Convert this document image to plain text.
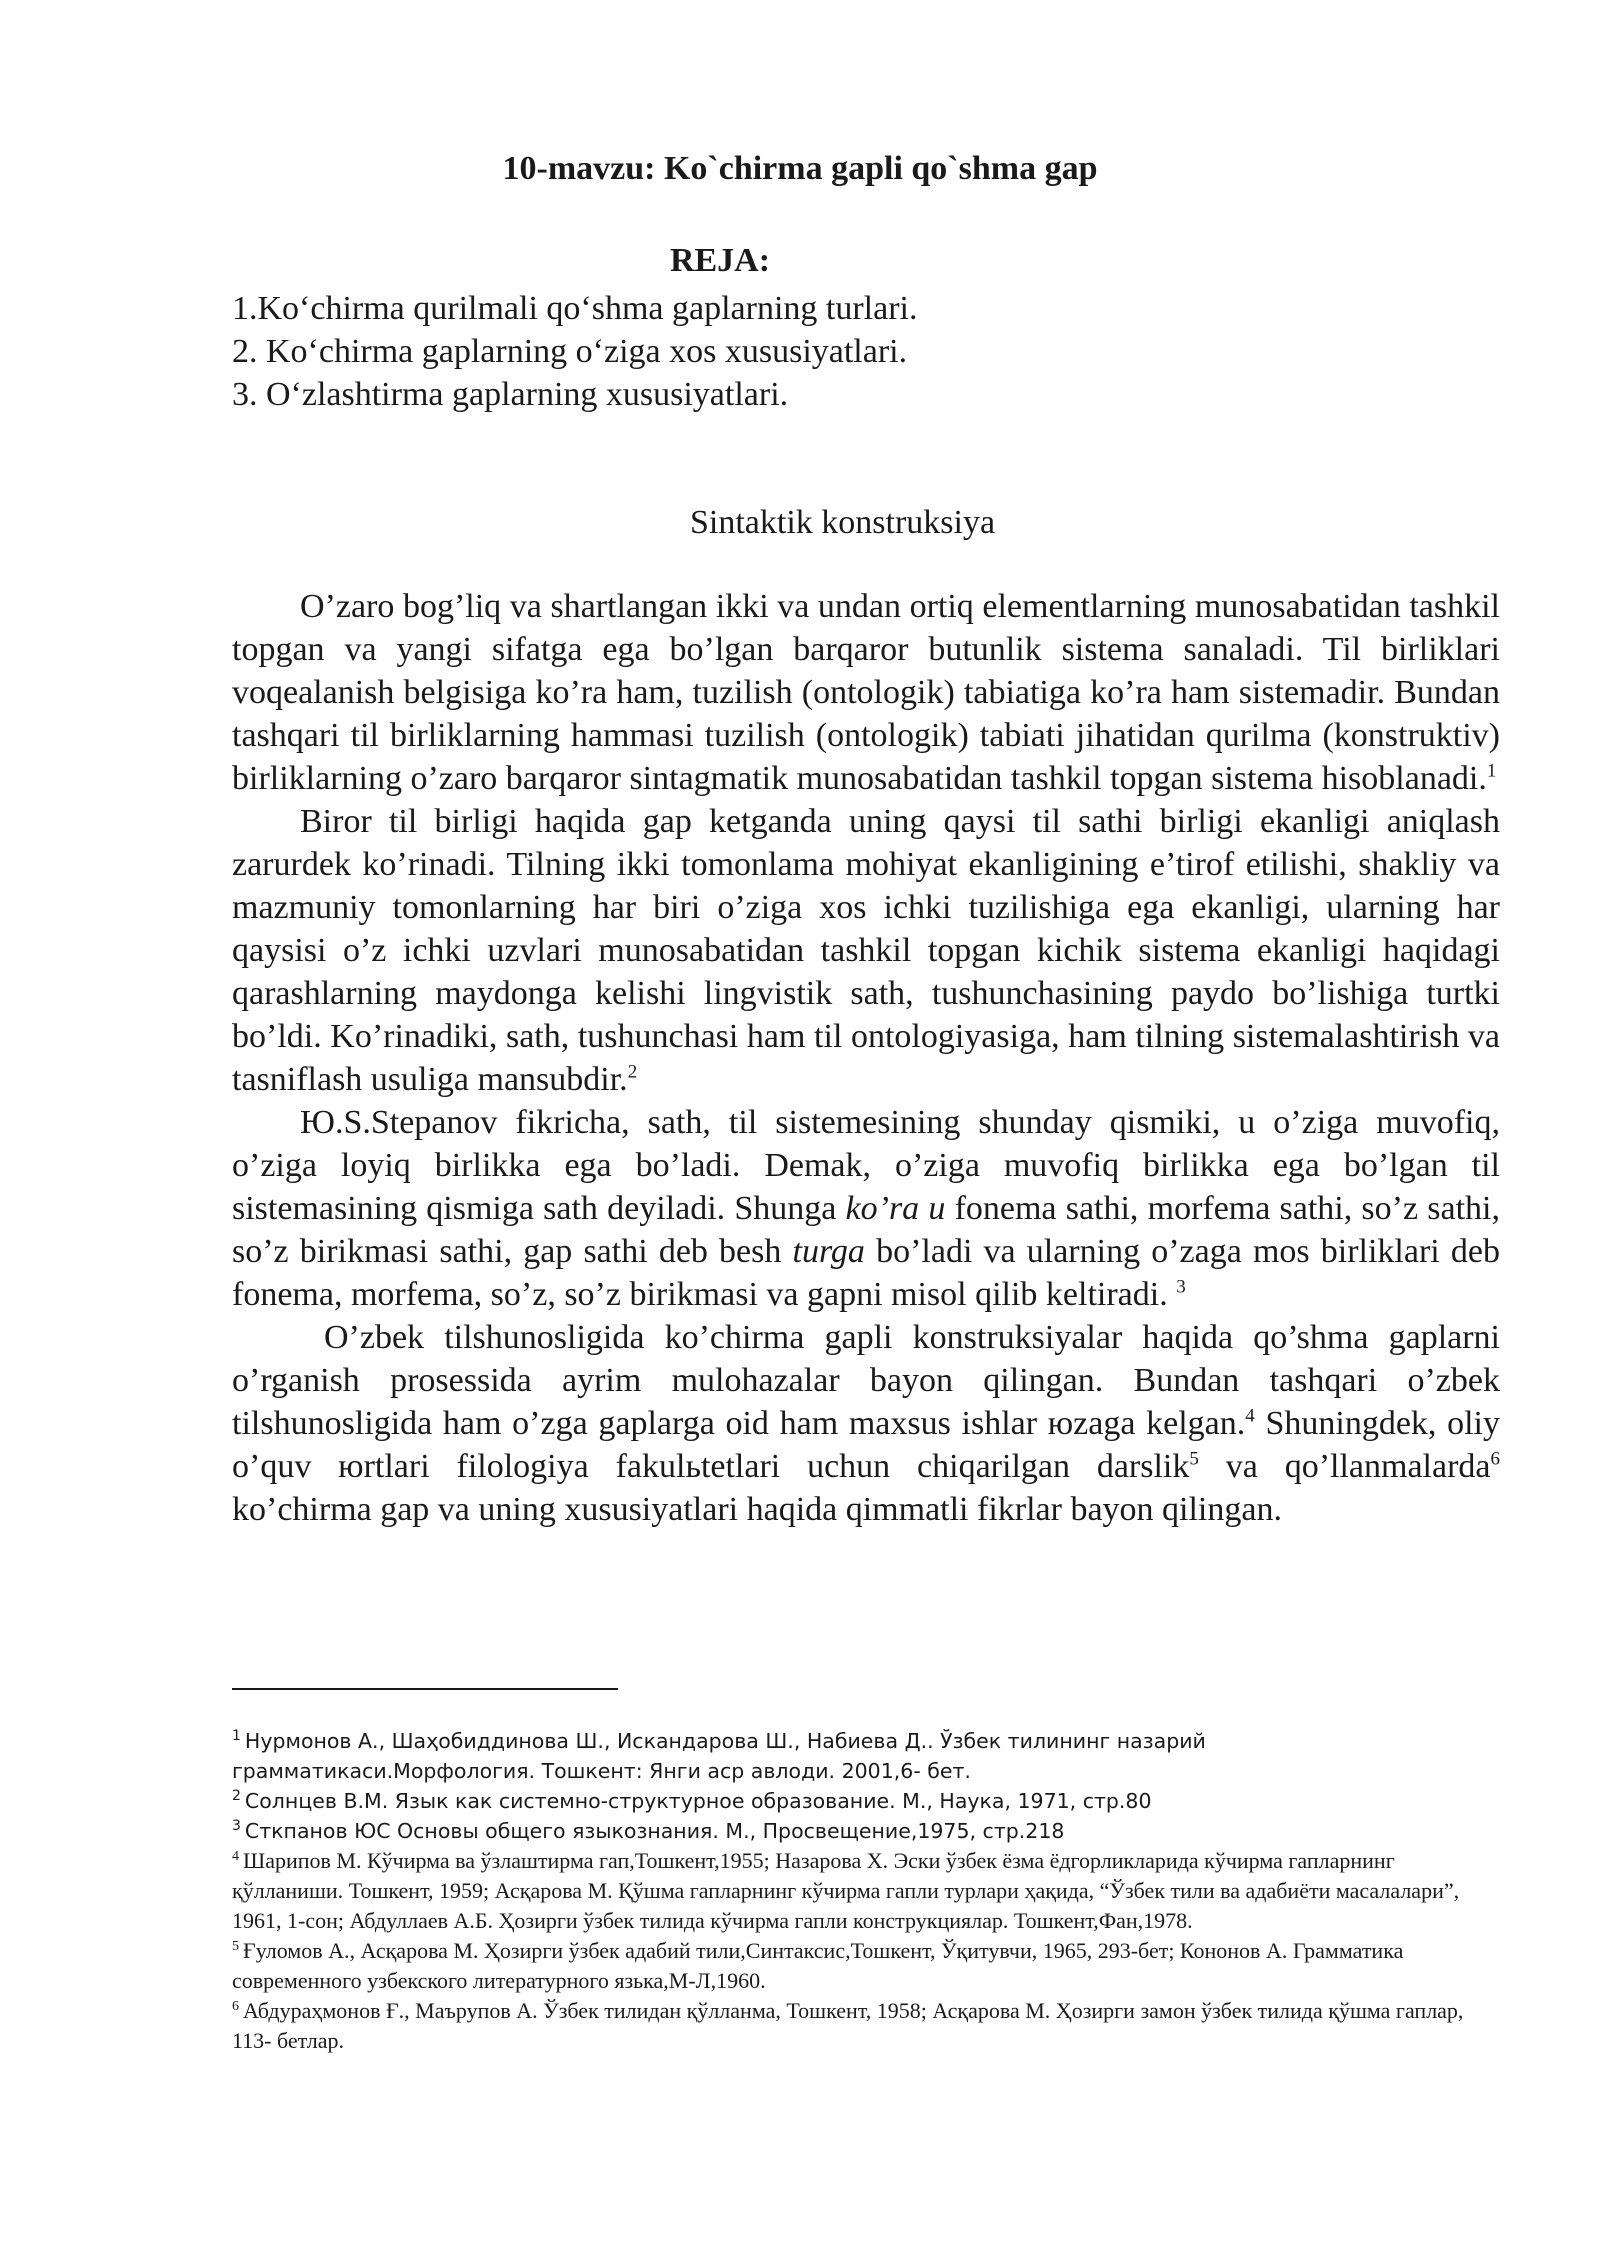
10-mavzu: Ko`chirma gapli qo`shma gap
REJA:
1.Ko‘chirma qurilmali qo‘shma gaplarning turlari.
2. Ko‘chirma gaplarning o‘ziga xos xususiyatlari.
3. O‘zlashtirma gaplarning xususiyatlari.
Sintaktik konstruksiya

O’zaro bog’liq va shartlangan ikki va undan ortiq elementlarning munosabatidan tashkil topgan va yangi sifatga ega bo’lgan barqaror butunlik sistema sanaladi. Til birliklari voqealanish belgisiga ko’ra ham, tuzilish (ontologik) tabiatiga ko’ra ham sistemadir. Bundan tashqari til birliklarning hammasi tuzilish (ontologik) tabiati jihatidan qurilma (konstruktiv) birliklarning o’zaro barqaror sintagmatik munosabatidan tashkil topgan sistema hisoblanadi.$^1$

Biror til birligi haqida gap ketganda uning qaysi til sathi birligi ekanligi aniqlash zarurdek ko’rinadi. Tilning ikki tomonlama mohiyat ekanligining e’tirof etilishi, shakliy va mazmuniy tomonlarning har biri o’ziga xos ichki tuzilishiga ega ekanligi, ularning har qaysisi o’z ichki uzvlari munosabatidan tashkil topgan kichik sistema ekanligi haqidagi qarashlarning maydonga kelishi lingvistik sath, tushunchasining paydo bo’lishiga turtki bo’ldi. Ko’rinadiki, sath, tushunchasi ham til ontologiyasiga, ham tilning sistemalashtirish va tasniflash usuliga mansubdir.$^2$

Ю.S.Stepanov fikricha, sath, til sistemesining shunday qismiki, u o’ziga muvofiq, o’ziga loyiq birlikka ega bo’ladi. Demak, o’ziga muvofiq birlikka ega bo’lgan til sistemasining qismiga sath deyiladi. Shunga ko’ra u fonema sathi, morfema sathi, so’z sathi, so’z birikmasi sathi, gap sathi deb besh turga bo’ladi va ularning o’zaga mos birliklari deb fonema, morfema, so’z, so’z birikmasi va gapni misol qilib keltiradi. $^3$

O’zbek tilshunosligida ko’chirma gapli konstruksiyalar haqida qo’shma gaplarni o’rganish prosessida ayrim mulohazalar bayon qilingan. Bundan tashqari o’zbek tilshunosligida ham o’zga gaplarga oid ham maxsus ishlar юzaga kelgan.$^4$ Shuningdek, oliy o’quv юrtlari filologiya fakulьtetlari uchun chiqarilgan darslik$^5$ va qo’llanmalarda$^6$ ko’chirma gap va uning xususiyatlari haqida qimmatli fikrlar bayon qilingan.

$^1$ Нурмонов А., Шаҳобиддинова Ш., Искандарова Ш., Набиева Д.. Ўзбек тилининг назарий грамматикаси.Морфология. Тошкент: Янги аср авлоди. 2001,6- бет.
$^2$ Солнцев В.М. Язык как системно-структурное образование. М., Наука, 1971, стр.80
$^3$ Сткпанов ЮС Основы общего языкознания. М., Просвещение,1975, стр.218
$^4$ Шарипов М. Кўчирма ва ўзлаштирма гап,Тошкент,1955; Назарова Х. Эски ўзбек ёзма ёдгорликларида кўчирма гапларнинг қўлланиши. Тошкент, 1959; Асқарова М. Қўшма гапларнинг кўчирма гапли турлари ҳақида, “Ўзбек тили ва адабиёти масалалари”, 1961, 1-сон; Абдуллаев А.Б. Ҳозирги ўзбек тилида кўчирма гапли конструкциялар. Тошкент,Фан,1978.
$^5$ Ғуломов А., Асқарова М. Ҳозирги ўзбек адабий тили,Синтаксис,Тошкент, Ўқитувчи, 1965, 293-бет; Кононов А. Грамматика современного узбекского литературного язька,М-Л,1960.
$^6$ Абдураҳмонов Ғ., Маърупов А. Ўзбек тилидан қўлланма, Тошкент, 1958; Асқарова М. Ҳозирги замон ўзбек тилида қўшма гаплар, 113- бетлар.
